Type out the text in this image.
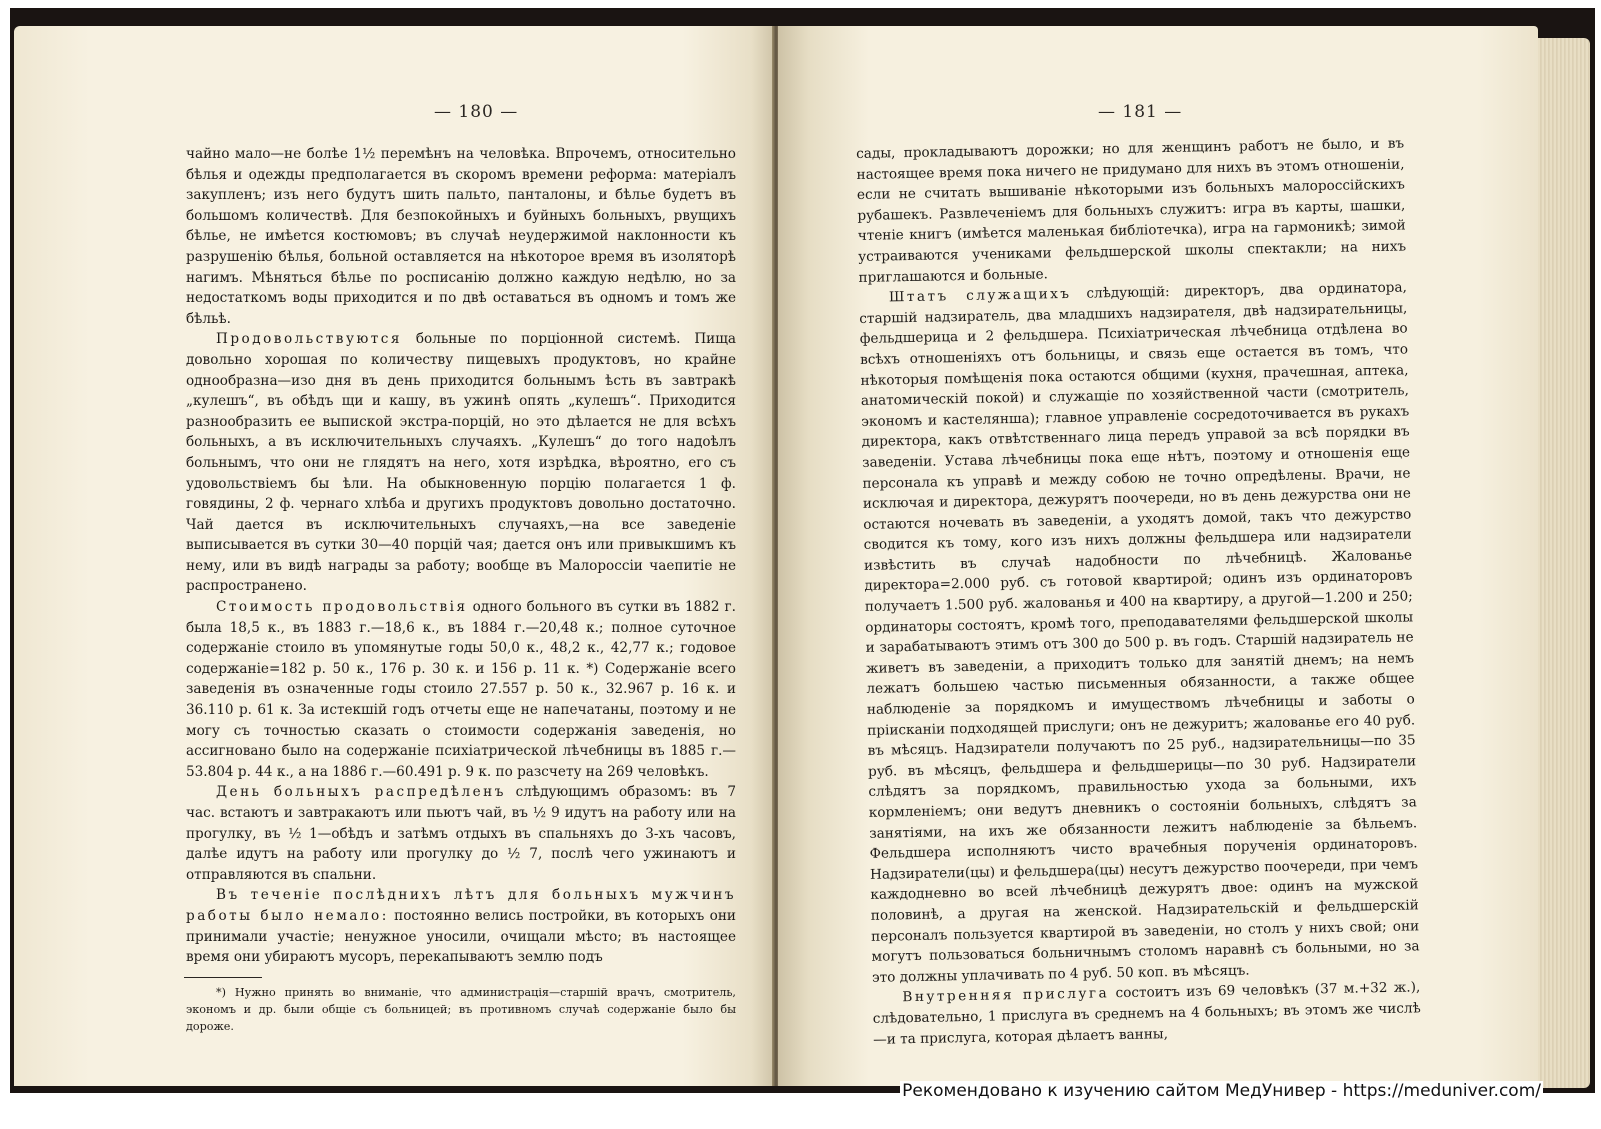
— 180 —

чайно мало—не болѣе 1½ перемѣнъ на человѣка. Впрочемъ, относительно бѣлья и одежды предполагается въ скоромъ времени реформа: матеріалъ закупленъ; изъ него будутъ шить пальто, панталоны, и бѣлье будетъ въ большомъ количествѣ. Для безпокойныхъ и буйныхъ больныхъ, рвущихъ бѣлье, не имѣется костюмовъ; въ случаѣ неудержимой наклонности къ разрушенію бѣлья, больной оставляется на нѣкоторое время въ изоляторѣ нагимъ. Мѣняться бѣлье по росписанію должно каждую недѣлю, но за недостаткомъ воды приходится и по двѣ оставаться въ одномъ и томъ же бѣльѣ.

Продовольствуются больные по порціонной системѣ. Пища довольно хорошая по количеству пищевыхъ продуктовъ, но крайне однообразна—изо дня въ день приходится больнымъ ѣсть въ завтракѣ „кулешъ“, въ обѣдъ щи и кашу, въ ужинѣ опять „кулешъ“. Приходится разнообразить ее выпиской экстра-порцій, но это дѣлается не для всѣхъ больныхъ, а въ исключительныхъ случаяхъ. „Кулешъ“ до того надоѣлъ больнымъ, что они не глядятъ на него, хотя изрѣдка, вѣроятно, его съ удовольствіемъ бы ѣли. На обыкновенную порцію полагается 1 ф. говядины, 2 ф. чернаго хлѣба и другихъ продуктовъ довольно достаточно. Чай дается въ исключительныхъ случаяхъ,—на все заведеніе выписывается въ сутки 30—40 порцій чая; дается онъ или привыкшимъ къ нему, или въ видѣ награды за работу; вообще въ Малороссіи чаепитіе не распространено.

Стоимость продовольствія одного больного въ сутки въ 1882 г. была 18,5 к., въ 1883 г.—18,6 к., въ 1884 г.—20,48 к.; полное суточное содержаніе стоило въ упомянутые годы 50,0 к., 48,2 к., 42,77 к.; годовое содержаніе=182 р. 50 к., 176 р. 30 к. и 156 р. 11 к. *) Содержаніе всего заведенія въ означенные годы стоило 27.557 р. 50 к., 32.967 р. 16 к. и 36.110 р. 61 к. За истекшій годъ отчеты еще не напечатаны, поэтому и не могу съ точностью сказать о стоимости содержанія заведенія, но ассигновано было на содержаніе психіатрической лѣчебницы въ 1885 г.—53.804 р. 44 к., а на 1886 г.—60.491 р. 9 к. по разсчету на 269 человѣкъ.

День больныхъ распредѣленъ слѣдующимъ образомъ: въ 7 час. встаютъ и завтракаютъ или пьютъ чай, въ ½ 9 идутъ на работу или на прогулку, въ ½ 1—обѣдъ и затѣмъ отдыхъ въ спальняхъ до 3-хъ часовъ, далѣе идутъ на работу или прогулку до ½ 7, послѣ чего ужинаютъ и отправляются въ спальни.

Въ теченіе послѣднихъ лѣтъ для больныхъ мужчинъ работы было немало: постоянно велись постройки, въ которыхъ они принимали участіе; ненужное уносили, очищали мѣсто; въ настоящее время они убираютъ мусоръ, перекапываютъ землю подъ

*) Нужно принять во вниманіе, что администрація—старшій врачъ, смотритель, экономъ и др. были общіе съ больницей; въ противномъ случаѣ содержаніе было бы дороже.
— 181 —

сады, прокладываютъ дорожки; но для женщинъ работъ не было, и въ настоящее время пока ничего не придумано для нихъ въ этомъ отношеніи, если не считать вышиваніе нѣкоторыми изъ больныхъ малороссійскихъ рубашекъ. Развлеченіемъ для больныхъ служитъ: игра въ карты, шашки, чтеніе книгъ (имѣется маленькая библіотечка), игра на гармоникѣ; зимой устраиваются учениками фельдшерской школы спектакли; на нихъ приглашаются и больные.

Штатъ служащихъ слѣдующій: директоръ, два ординатора, старшій надзиратель, два младшихъ надзирателя, двѣ надзирательницы, фельдшерица и 2 фельдшера. Психіатрическая лѣчебница отдѣлена во всѣхъ отношеніяхъ отъ больницы, и связь еще остается въ томъ, что нѣкоторыя помѣщенія пока остаются общими (кухня, прачешная, аптека, анатомическій покой) и служащіе по хозяйственной части (смотритель, экономъ и кастелянша); главное управленіе сосредоточивается въ рукахъ директора, какъ отвѣтственнаго лица передъ управой за всѣ порядки въ заведеніи. Устава лѣчебницы пока еще нѣтъ, поэтому и отношенія еще персонала къ управѣ и между собою не точно опредѣлены. Врачи, не исключая и директора, дежурятъ поочереди, но въ день дежурства они не остаются ночевать въ заведеніи, а уходятъ домой, такъ что дежурство сводится къ тому, кого изъ нихъ должны фельдшера или надзиратели извѣстить въ случаѣ надобности по лѣчебницѣ. Жалованье директора=2.000 руб. съ готовой квартирой; одинъ изъ ординаторовъ получаетъ 1.500 руб. жалованья и 400 на квартиру, а другой—1.200 и 250; ординаторы состоятъ, кромѣ того, преподавателями фельдшерской школы и зарабатываютъ этимъ отъ 300 до 500 р. въ годъ. Старшій надзиратель не живетъ въ заведеніи, а приходитъ только для занятій днемъ; на немъ лежатъ большею частью письменныя обязанности, а также общее наблюденіе за порядкомъ и имуществомъ лѣчебницы и заботы о пріисканіи подходящей прислуги; онъ не дежуритъ; жалованье его 40 руб. въ мѣсяцъ. Надзиратели получаютъ по 25 руб., надзирательницы—по 35 руб. въ мѣсяцъ, фельдшера и фельдшерицы—по 30 руб. Надзиратели слѣдятъ за порядкомъ, правильностью ухода за больными, ихъ кормленіемъ; они ведутъ дневникъ о состояніи больныхъ, слѣдятъ за занятіями, на ихъ же обязанности лежитъ наблюденіе за бѣльемъ. Фельдшера исполняютъ чисто врачебныя порученія ординаторовъ. Надзиратели(цы) и фельдшера(цы) несутъ дежурство поочереди, при чемъ каждодневно во всей лѣчебницѣ дежурятъ двое: одинъ на мужской половинѣ, а другая на женской. Надзирательскій и фельдшерскій персоналъ пользуется квартирой въ заведеніи, но столъ у нихъ свой; они могутъ пользоваться больничнымъ столомъ наравнѣ съ больными, но за это должны уплачивать по 4 руб. 50 коп. въ мѣсяцъ.

Внутренняя прислуга состоитъ изъ 69 человѣкъ (37 м.+32 ж.), слѣдовательно, 1 прислуга въ среднемъ на 4 больныхъ; въ этомъ же числѣ—и та прислуга, которая дѣлаетъ ванны,

Рекомендовано к изучению сайтом МедУнивер - https://meduniver.com/
